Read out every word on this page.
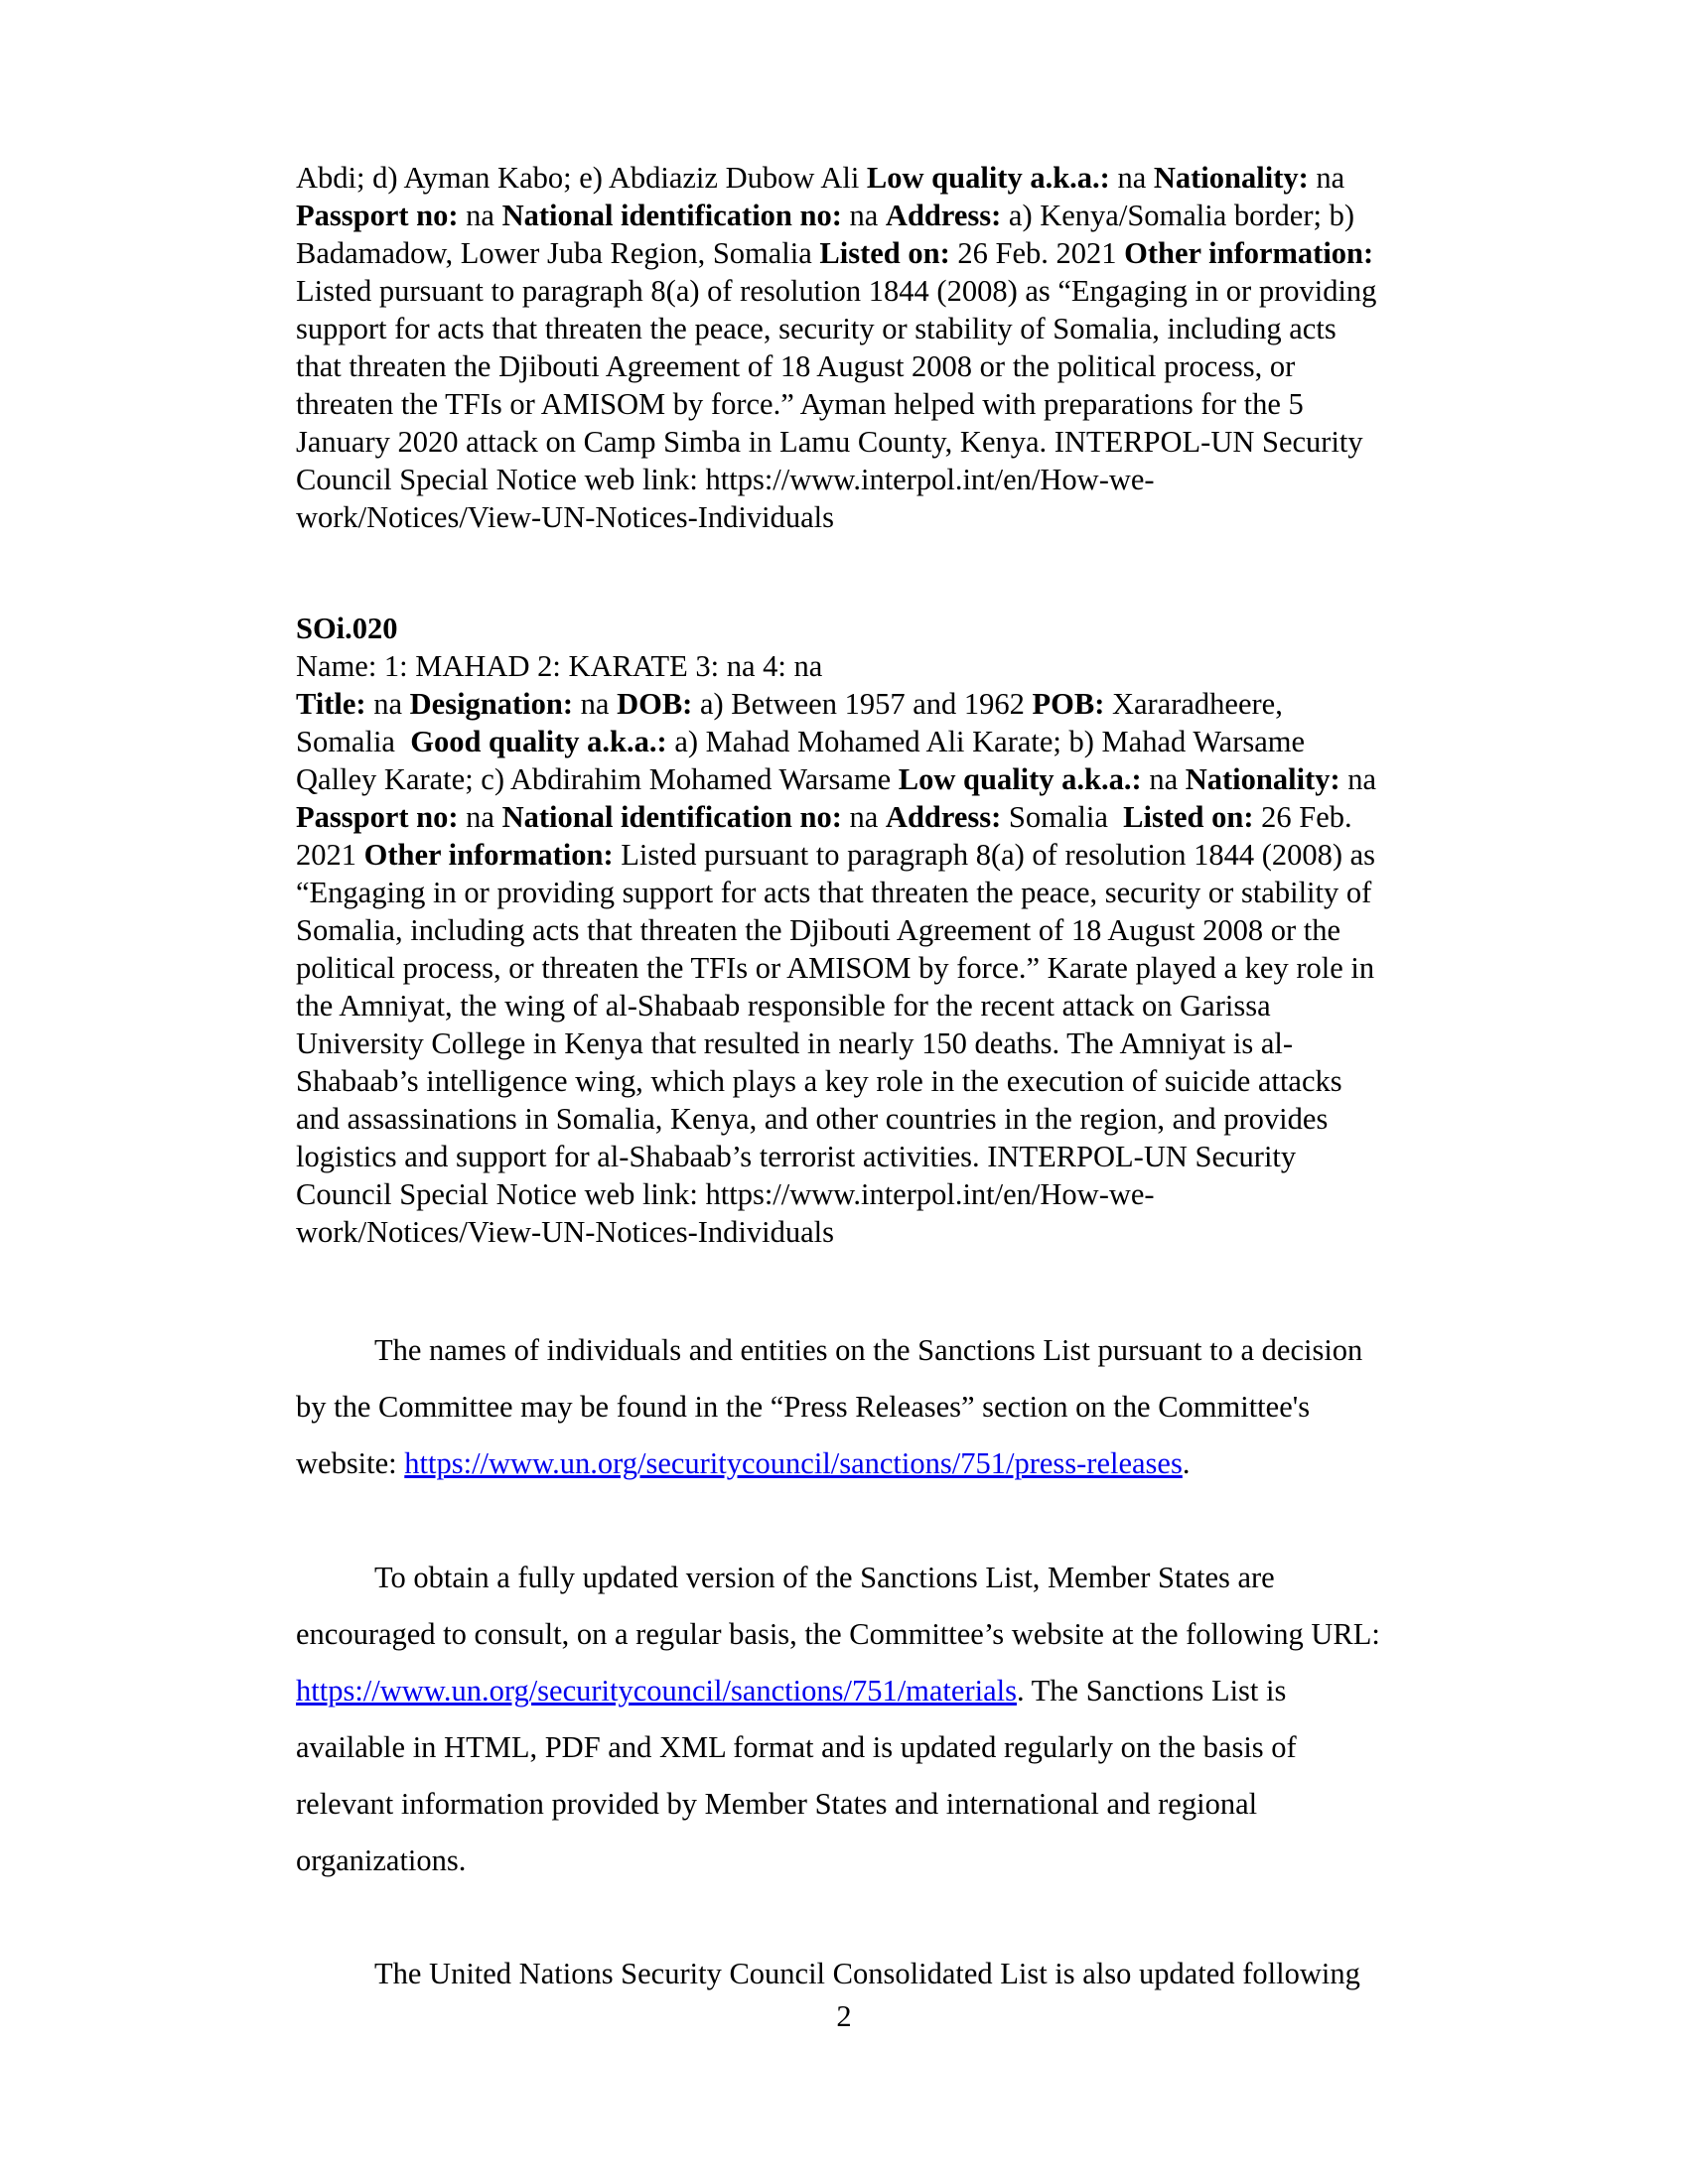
Abdi; d) Ayman Kabo; e) Abdiaziz Dubow Ali Low quality a.k.a.: na Nationality: na
Passport no: na National identification no: na Address: a) Kenya/Somalia border; b)
Badamadow, Lower Juba Region, Somalia Listed on: 26 Feb. 2021 Other information:
Listed pursuant to paragraph 8(a) of resolution 1844 (2008) as “Engaging in or providing
support for acts that threaten the peace, security or stability of Somalia, including acts
that threaten the Djibouti Agreement of 18 August 2008 or the political process, or
threaten the TFIs or AMISOM by force.” Ayman helped with preparations for the 5
January 2020 attack on Camp Simba in Lamu County, Kenya. INTERPOL-UN Security
Council Special Notice web link: https://www.interpol.int/en/How-we-
work/Notices/View-UN-Notices-Individuals
SOi.020
Name: 1: MAHAD 2: KARATE 3: na 4: na
Title: na Designation: na DOB: a) Between 1957 and 1962 POB: Xararadheere,
Somalia  Good quality a.k.a.: a) Mahad Mohamed Ali Karate; b) Mahad Warsame
Qalley Karate; c) Abdirahim Mohamed Warsame Low quality a.k.a.: na Nationality: na
Passport no: na National identification no: na Address: Somalia  Listed on: 26 Feb.
2021 Other information: Listed pursuant to paragraph 8(a) of resolution 1844 (2008) as
“Engaging in or providing support for acts that threaten the peace, security or stability of
Somalia, including acts that threaten the Djibouti Agreement of 18 August 2008 or the
political process, or threaten the TFIs or AMISOM by force.” Karate played a key role in
the Amniyat, the wing of al-Shabaab responsible for the recent attack on Garissa
University College in Kenya that resulted in nearly 150 deaths. The Amniyat is al-
Shabaab’s intelligence wing, which plays a key role in the execution of suicide attacks
and assassinations in Somalia, Kenya, and other countries in the region, and provides
logistics and support for al-Shabaab’s terrorist activities. INTERPOL-UN Security
Council Special Notice web link: https://www.interpol.int/en/How-we-
work/Notices/View-UN-Notices-Individuals

The names of individuals and entities on the Sanctions List pursuant to a decision

by the Committee may be found in the “Press Releases” section on the Committee's
website: https://www.un.org/securitycouncil/sanctions/751/press-releases.

To obtain a fully updated version of the Sanctions List, Member States are

encouraged to consult, on a regular basis, the Committee’s website at the following URL:
https://www.un.org/securitycouncil/sanctions/751/materials. The Sanctions List is
available in HTML, PDF and XML format and is updated regularly on the basis of
relevant information provided by Member States and international and regional
organizations.

The United Nations Security Council Consolidated List is also updated following

2
